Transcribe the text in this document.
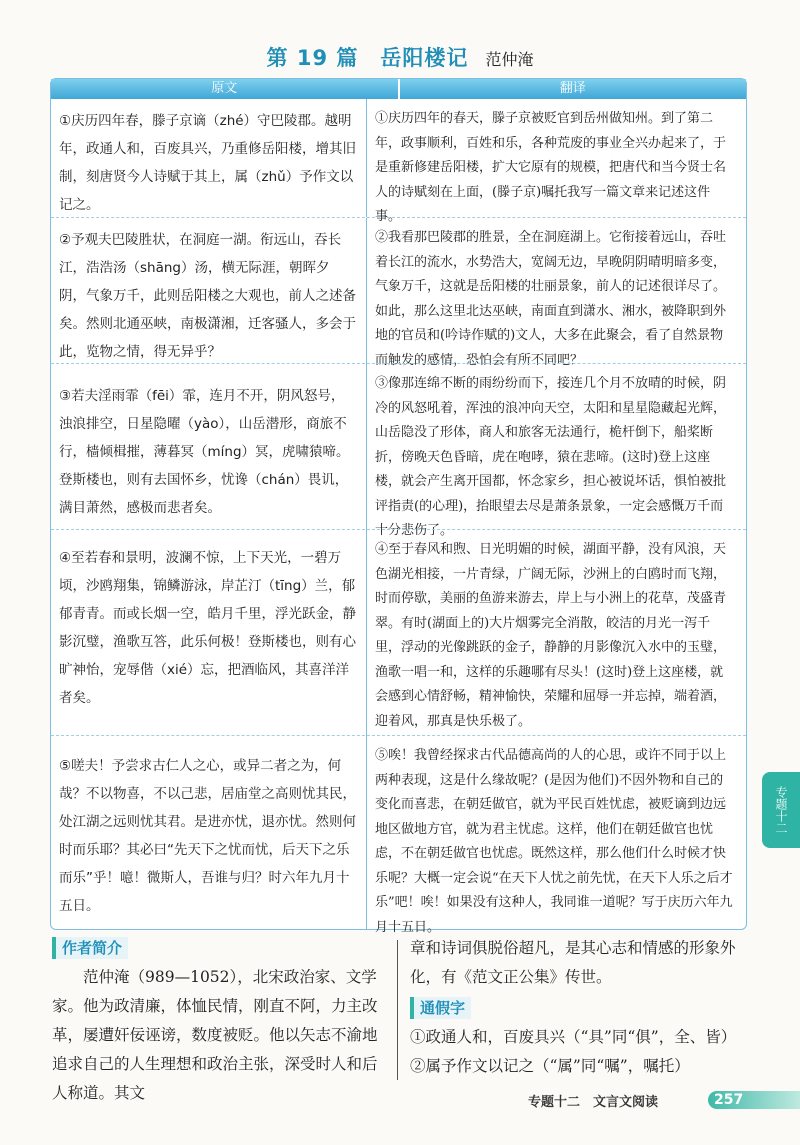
第 19 篇　岳阳楼记 范仲淹
原文	翻译
①庆历四年春，滕子京谪（zhé）守巴陵郡。越明年，政通人和，百废具兴，乃重修岳阳楼，增其旧制，刻唐贤今人诗赋于其上，属（zhǔ）予作文以记之。
①庆历四年的春天，滕子京被贬官到岳州做知州。到了第二年，政事顺利，百姓和乐，各种荒废的事业全兴办起来了，于是重新修建岳阳楼，扩大它原有的规模，把唐代和当今贤士名人的诗赋刻在上面，(滕子京)嘱托我写一篇文章来记述这件事。
②予观夫巴陵胜状，在洞庭一湖。衔远山，吞长江，浩浩汤（shāng）汤，横无际涯，朝晖夕阴，气象万千，此则岳阳楼之大观也，前人之述备矣。然则北通巫峡，南极潇湘，迁客骚人，多会于此，览物之情，得无异乎？
②我看那巴陵郡的胜景，全在洞庭湖上。它衔接着远山，吞吐着长江的流水，水势浩大，宽阔无边，早晚阴阴晴明暗多变，气象万千，这就是岳阳楼的壮丽景象，前人的记述很详尽了。如此，那么这里北达巫峡，南面直到潇水、湘水，被降职到外地的官员和(吟诗作赋的)文人，大多在此聚会，看了自然景物而触发的感情，恐怕会有所不同吧？
③若夫淫雨霏（fēi）霏，连月不开，阴风怒号，浊浪排空，日星隐曜（yào），山岳潜形，商旅不行，樯倾楫摧，薄暮冥（míng）冥，虎啸猿啼。登斯楼也，则有去国怀乡，忧谗（chán）畏讥，满目萧然，感极而悲者矣。
③像那连绵不断的雨纷纷而下，接连几个月不放晴的时候，阴冷的风怒吼着，浑浊的浪冲向天空，太阳和星星隐藏起光辉，山岳隐没了形体，商人和旅客无法通行，桅杆倒下，船桨断折，傍晚天色昏暗，虎在咆哮，猿在悲啼。(这时)登上这座楼，就会产生离开国都，怀念家乡，担心被说坏话，惧怕被批评指责(的心理)，抬眼望去尽是萧条景象，一定会感慨万千而十分悲伤了。
④至若春和景明，波澜不惊，上下天光，一碧万顷，沙鸥翔集，锦鳞游泳，岸芷汀（tīng）兰，郁郁青青。而或长烟一空，皓月千里，浮光跃金，静影沉璧，渔歌互答，此乐何极！登斯楼也，则有心旷神怡，宠辱偕（xié）忘，把酒临风，其喜洋洋者矣。
④至于春风和煦、日光明媚的时候，湖面平静，没有风浪，天色湖光相接，一片青绿，广阔无际，沙洲上的白鸥时而飞翔，时而停歇，美丽的鱼游来游去，岸上与小洲上的花草，茂盛青翠。有时(湖面上的)大片烟雾完全消散，皎洁的月光一泻千里，浮动的光像跳跃的金子，静静的月影像沉入水中的玉璧，渔歌一唱一和，这样的乐趣哪有尽头！(这时)登上这座楼，就会感到心情舒畅，精神愉快，荣耀和屈辱一并忘掉，端着酒，迎着风，那真是快乐极了。
⑤嗟夫！予尝求古仁人之心，或异二者之为，何哉？不以物喜，不以己悲，居庙堂之高则忧其民，处江湖之远则忧其君。是进亦忧，退亦忧。然则何时而乐耶？其必曰“先天下之忧而忧，后天下之乐而乐”乎！噫！微斯人，吾谁与归？时六年九月十五日。
⑤唉！我曾经探求古代品德高尚的人的心思，或许不同于以上两种表现，这是什么缘故呢？(是因为他们)不因外物和自己的变化而喜悲，在朝廷做官，就为平民百姓忧虑，被贬谪到边远地区做地方官，就为君主忧虑。这样，他们在朝廷做官也忧虑，不在朝廷做官也忧虑。既然这样，那么他们什么时候才快乐呢？大概一定会说“在天下人忧之前先忧，在天下人乐之后才乐”吧！唉！如果没有这种人，我同谁一道呢？写于庆历六年九月十五日。
专题十二
作者简介
范仲淹（989—1052），北宋政治家、文学家。他为政清廉，体恤民情，刚直不阿，力主改革，屡遭奸佞诬谤，数度被贬。他以矢志不渝地追求自己的人生理想和政治主张，深受时人和后人称道。其文
章和诗词俱脱俗超凡，是其心志和情感的形象外化，有《范文正公集》传世。
通假字
①政通人和，百废具兴（“具”同“俱”，全、皆）
②属予作文以记之（“属”同“嘱”，嘱托）
专题十二　文言文阅读	257
